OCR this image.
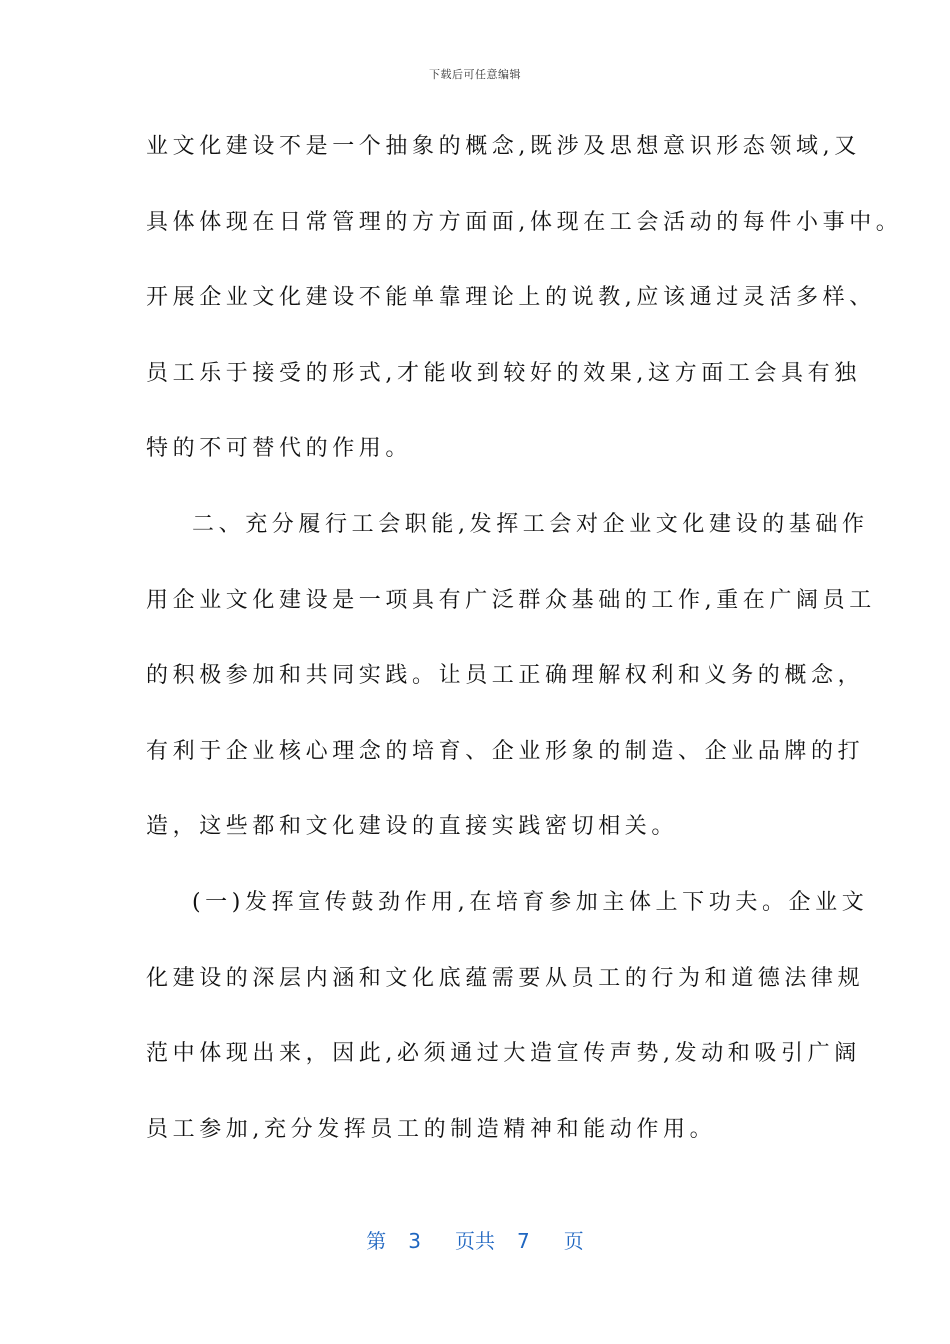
下载后可任意编辑
业文化建设不是一个抽象的概念,既涉及思想意识形态领域,又
具体体现在日常管理的方方面面,体现在工会活动的每件小事中。
开展企业文化建设不能单靠理论上的说教,应该通过灵活多样、
员工乐于接受的形式,才能收到较好的效果,这方面工会具有独
特的不可替代的作用。
二、充分履行工会职能,发挥工会对企业文化建设的基础作
用企业文化建设是一项具有广泛群众基础的工作,重在广阔员工
的积极参加和共同实践。让员工正确理解权利和义务的概念，
有利于企业核心理念的培育、企业形象的制造、企业品牌的打
造，这些都和文化建设的直接实践密切相关。
(一)发挥宣传鼓劲作用,在培育参加主体上下功夫。企业文
化建设的深层内涵和文化底蕴需要从员工的行为和道德法律规
范中体现出来，因此,必须通过大造宣传声势,发动和吸引广阔
员工参加,充分发挥员工的制造精神和能动作用。
第 3 页共 7 页
